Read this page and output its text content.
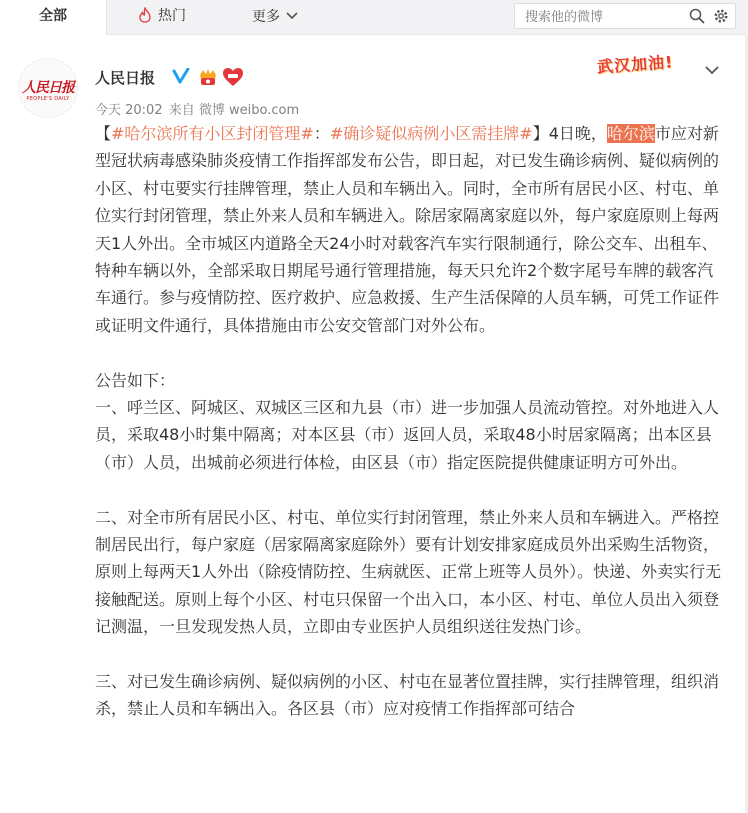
全部	热门	更多
搜索他的微博
人民日报
PEOPLE'S DAILY
人民日报
今天 20:02 来自 微博 weibo.com
武汉加油!

【#哈尔滨所有小区封闭管理#：#确诊疑似病例小区需挂牌#】4日晚，哈尔滨市应对新型冠状病毒感染肺炎疫情工作指挥部发布公告，即日起，对已发生确诊病例、疑似病例的小区、村屯要实行挂牌管理，禁止人员和车辆出入。同时，全市所有居民小区、村屯、单位实行封闭管理，禁止外来人员和车辆进入。除居家隔离家庭以外，每户家庭原则上每两天1人外出。全市城区内道路全天24小时对载客汽车实行限制通行，除公交车、出租车、特种车辆以外，全部采取日期尾号通行管理措施，每天只允许2个数字尾号车牌的载客汽车通行。参与疫情防控、医疗救护、应急救援、生产生活保障的人员车辆，可凭工作证件或证明文件通行，具体措施由市公安交管部门对外公布。

公告如下：

一、呼兰区、阿城区、双城区三区和九县（市）进一步加强人员流动管控。对外地进入人员，采取48小时集中隔离；对本区县（市）返回人员，采取48小时居家隔离；出本区县（市）人员，出城前必须进行体检，由区县（市）指定医院提供健康证明方可外出。

二、对全市所有居民小区、村屯、单位实行封闭管理，禁止外来人员和车辆进入。严格控制居民出行，每户家庭（居家隔离家庭除外）要有计划安排家庭成员外出采购生活物资，原则上每两天1人外出（除疫情防控、生病就医、正常上班等人员外）。快递、外卖实行无接触配送。原则上每个小区、村屯只保留一个出入口，本小区、村屯、单位人员出入须登记测温，一旦发现发热人员，立即由专业医护人员组织送往发热门诊。

三、对已发生确诊病例、疑似病例的小区、村屯在显著位置挂牌，实行挂牌管理，组织消杀，禁止人员和车辆出入。各区县（市）应对疫情工作指挥部可结合
